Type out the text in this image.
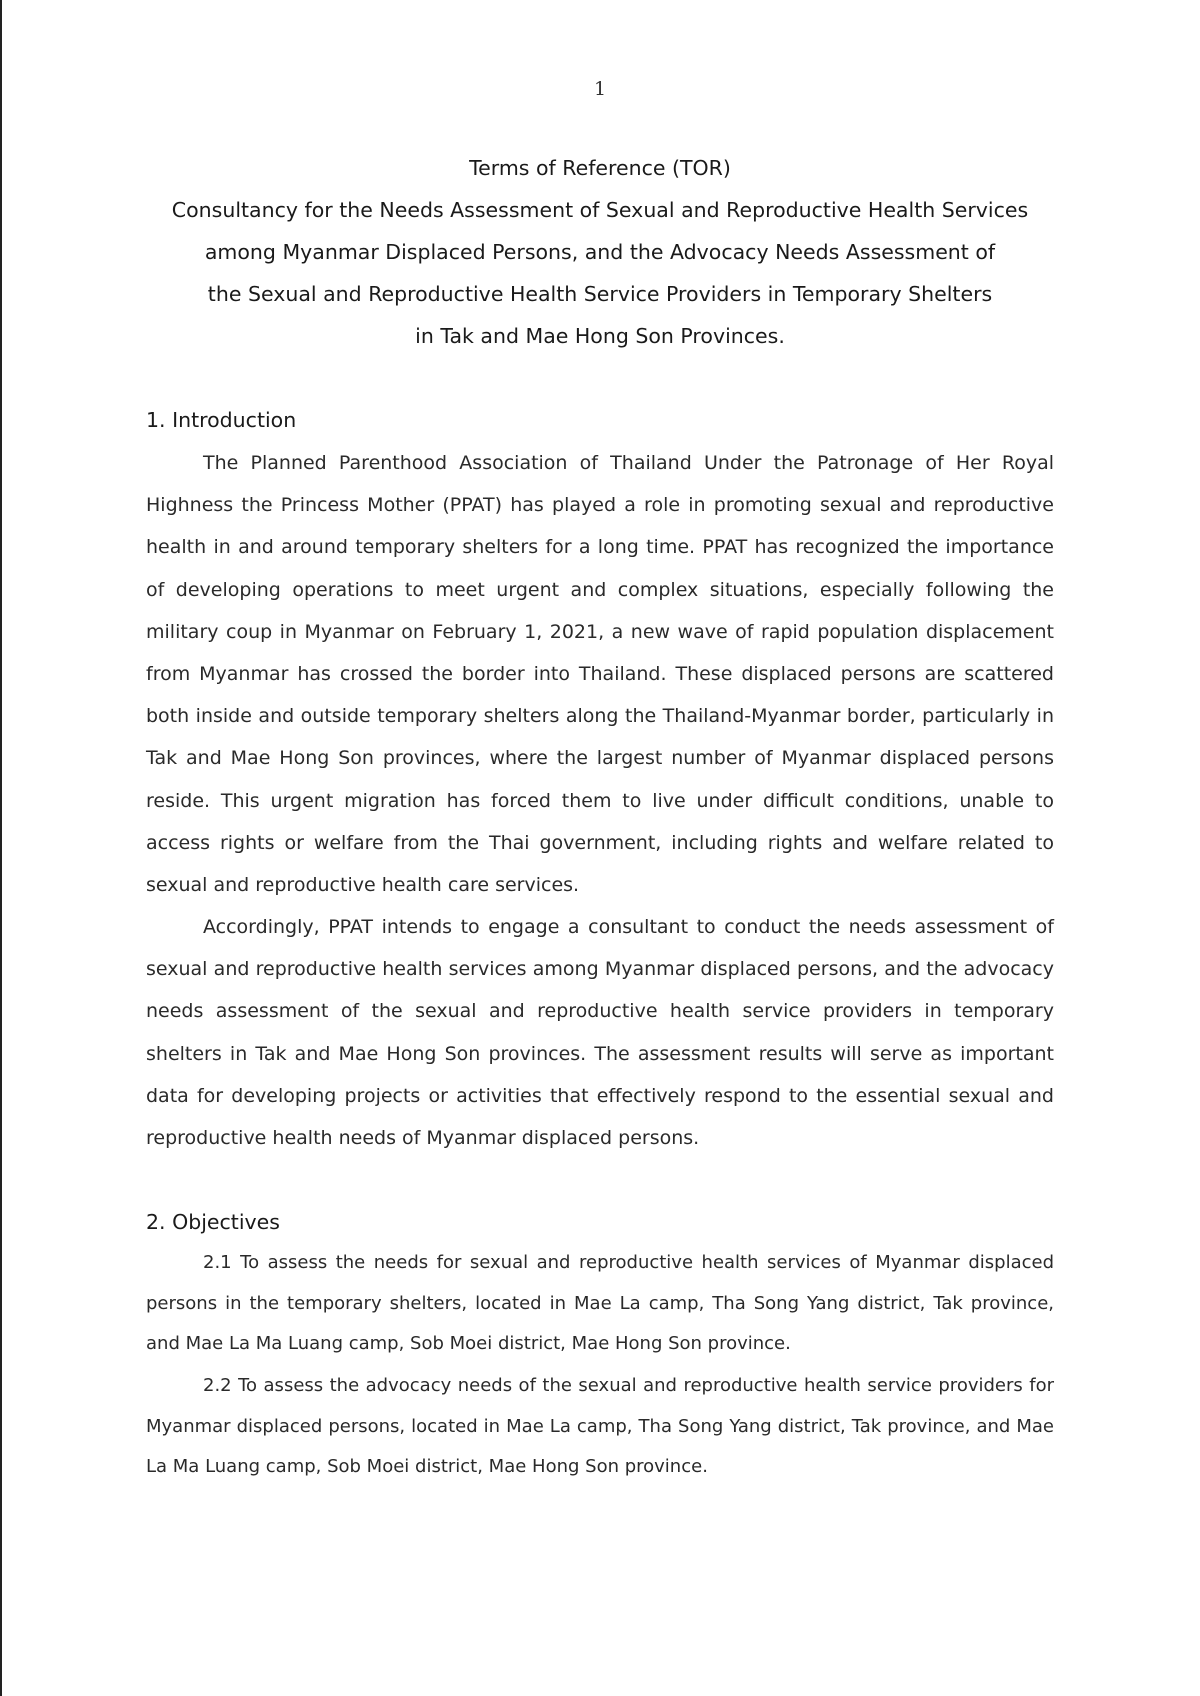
1

Terms of Reference (TOR)

Consultancy for the Needs Assessment of Sexual and Reproductive Health Services

among Myanmar Displaced Persons, and the Advocacy Needs Assessment of

the Sexual and Reproductive Health Service Providers in Temporary Shelters

in Tak and Mae Hong Son Provinces.

1. Introduction

The Planned Parenthood Association of Thailand Under the Patronage of Her Royal Highness the Princess Mother (PPAT) has played a role in promoting sexual and reproductive health in and around temporary shelters for a long time. PPAT has recognized the importance of developing operations to meet urgent and complex situations, especially following the military coup in Myanmar on February 1, 2021, a new wave of rapid population displacement from Myanmar has crossed the border into Thailand. These displaced persons are scattered both inside and outside temporary shelters along the Thailand-Myanmar border, particularly in Tak and Mae Hong Son provinces, where the largest number of Myanmar displaced persons reside. This urgent migration has forced them to live under difficult conditions, unable to access rights or welfare from the Thai government, including rights and welfare related to sexual and reproductive health care services.

Accordingly, PPAT intends to engage a consultant to conduct the needs assessment of sexual and reproductive health services among Myanmar displaced persons, and the advocacy needs assessment of the sexual and reproductive health service providers in temporary shelters in Tak and Mae Hong Son provinces. The assessment results will serve as important data for developing projects or activities that effectively respond to the essential sexual and reproductive health needs of Myanmar displaced persons.

2. Objectives

2.1 To assess the needs for sexual and reproductive health services of Myanmar displaced persons in the temporary shelters, located in Mae La camp, Tha Song Yang district, Tak province, and Mae La Ma Luang camp, Sob Moei district, Mae Hong Son province.

2.2 To assess the advocacy needs of the sexual and reproductive health service providers for Myanmar displaced persons, located in Mae La camp, Tha Song Yang district, Tak province, and Mae La Ma Luang camp, Sob Moei district, Mae Hong Son province.
